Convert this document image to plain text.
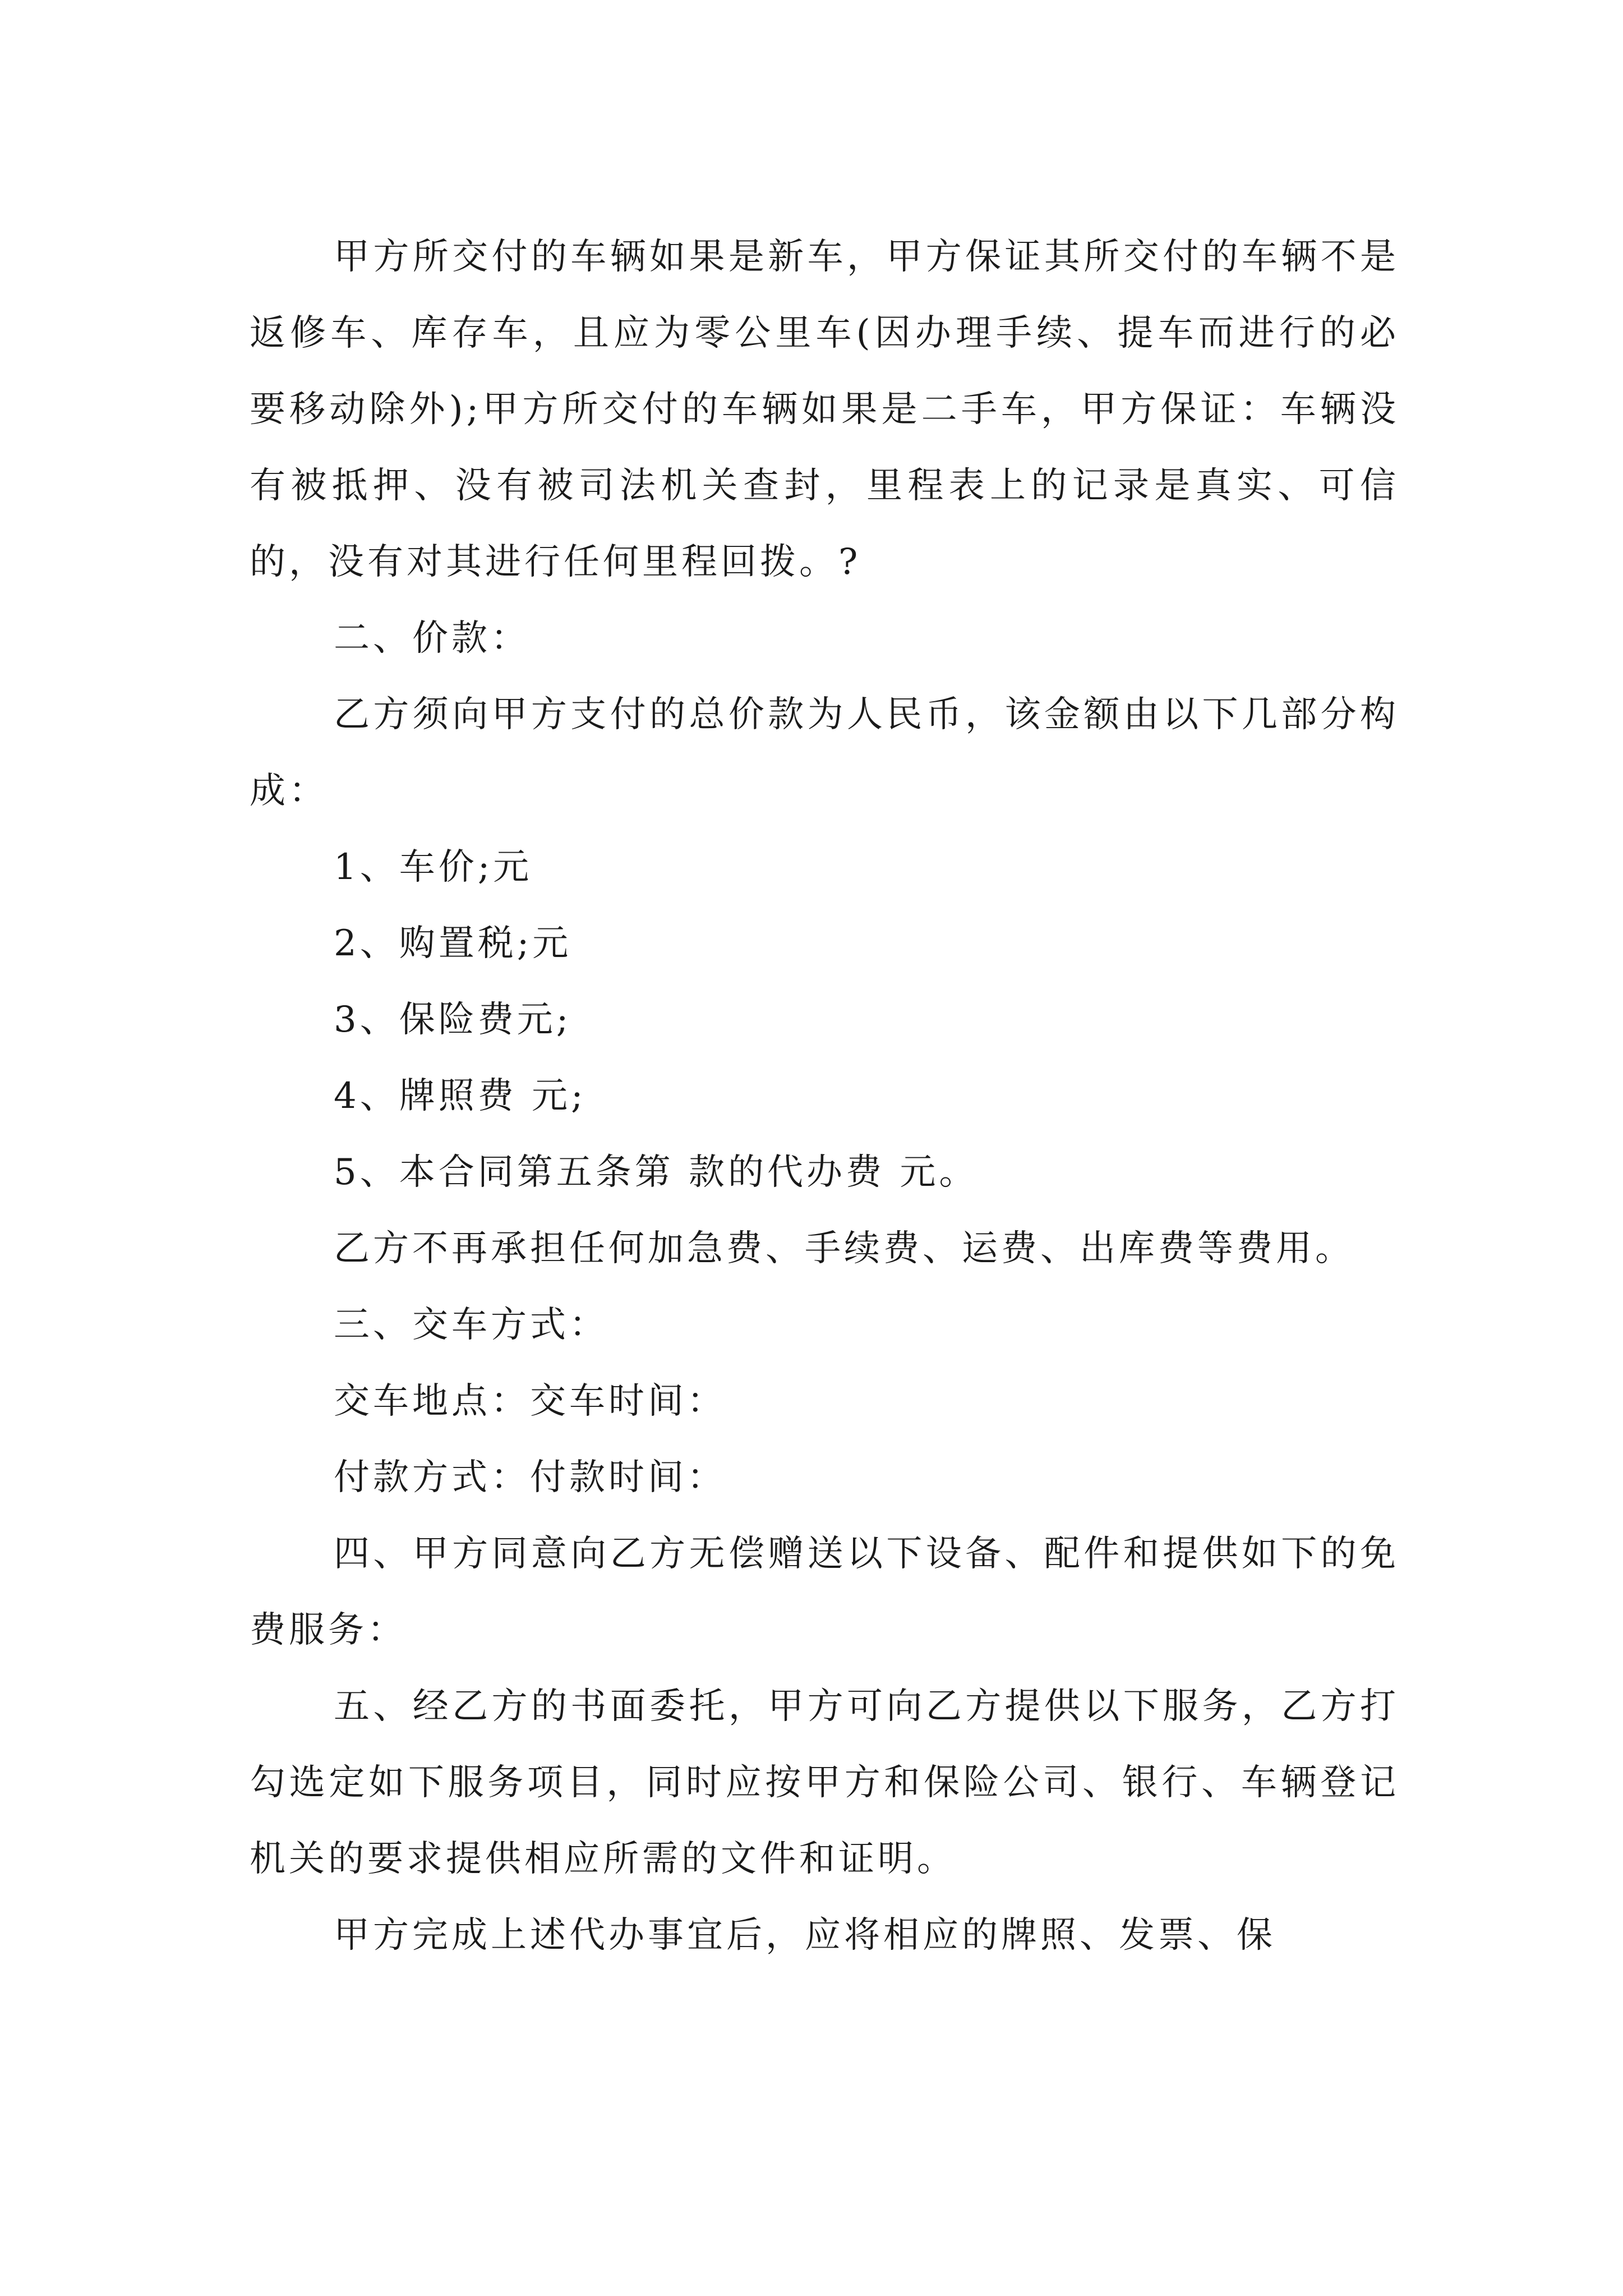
甲方所交付的车辆如果是新车，甲方保证其所交付的车辆不是返修车、库存车，且应为零公里车(因办理手续、提车而进行的必要移动除外);甲方所交付的车辆如果是二手车，甲方保证：车辆没有被抵押、没有被司法机关查封，里程表上的记录是真实、可信的，没有对其进行任何里程回拨。?

二、价款：

乙方须向甲方支付的总价款为人民币，该金额由以下几部分构成：

1、车价;元

2、购置税;元

3、保险费元;

4、牌照费 元;

5、本合同第五条第 款的代办费 元。

乙方不再承担任何加急费、手续费、运费、出库费等费用。

三、交车方式：

交车地点：交车时间：

付款方式：付款时间：

四、甲方同意向乙方无偿赠送以下设备、配件和提供如下的免费服务：

五、经乙方的书面委托，甲方可向乙方提供以下服务，乙方打勾选定如下服务项目，同时应按甲方和保险公司、银行、车辆登记机关的要求提供相应所需的文件和证明。

甲方完成上述代办事宜后，应将相应的牌照、发票、保
